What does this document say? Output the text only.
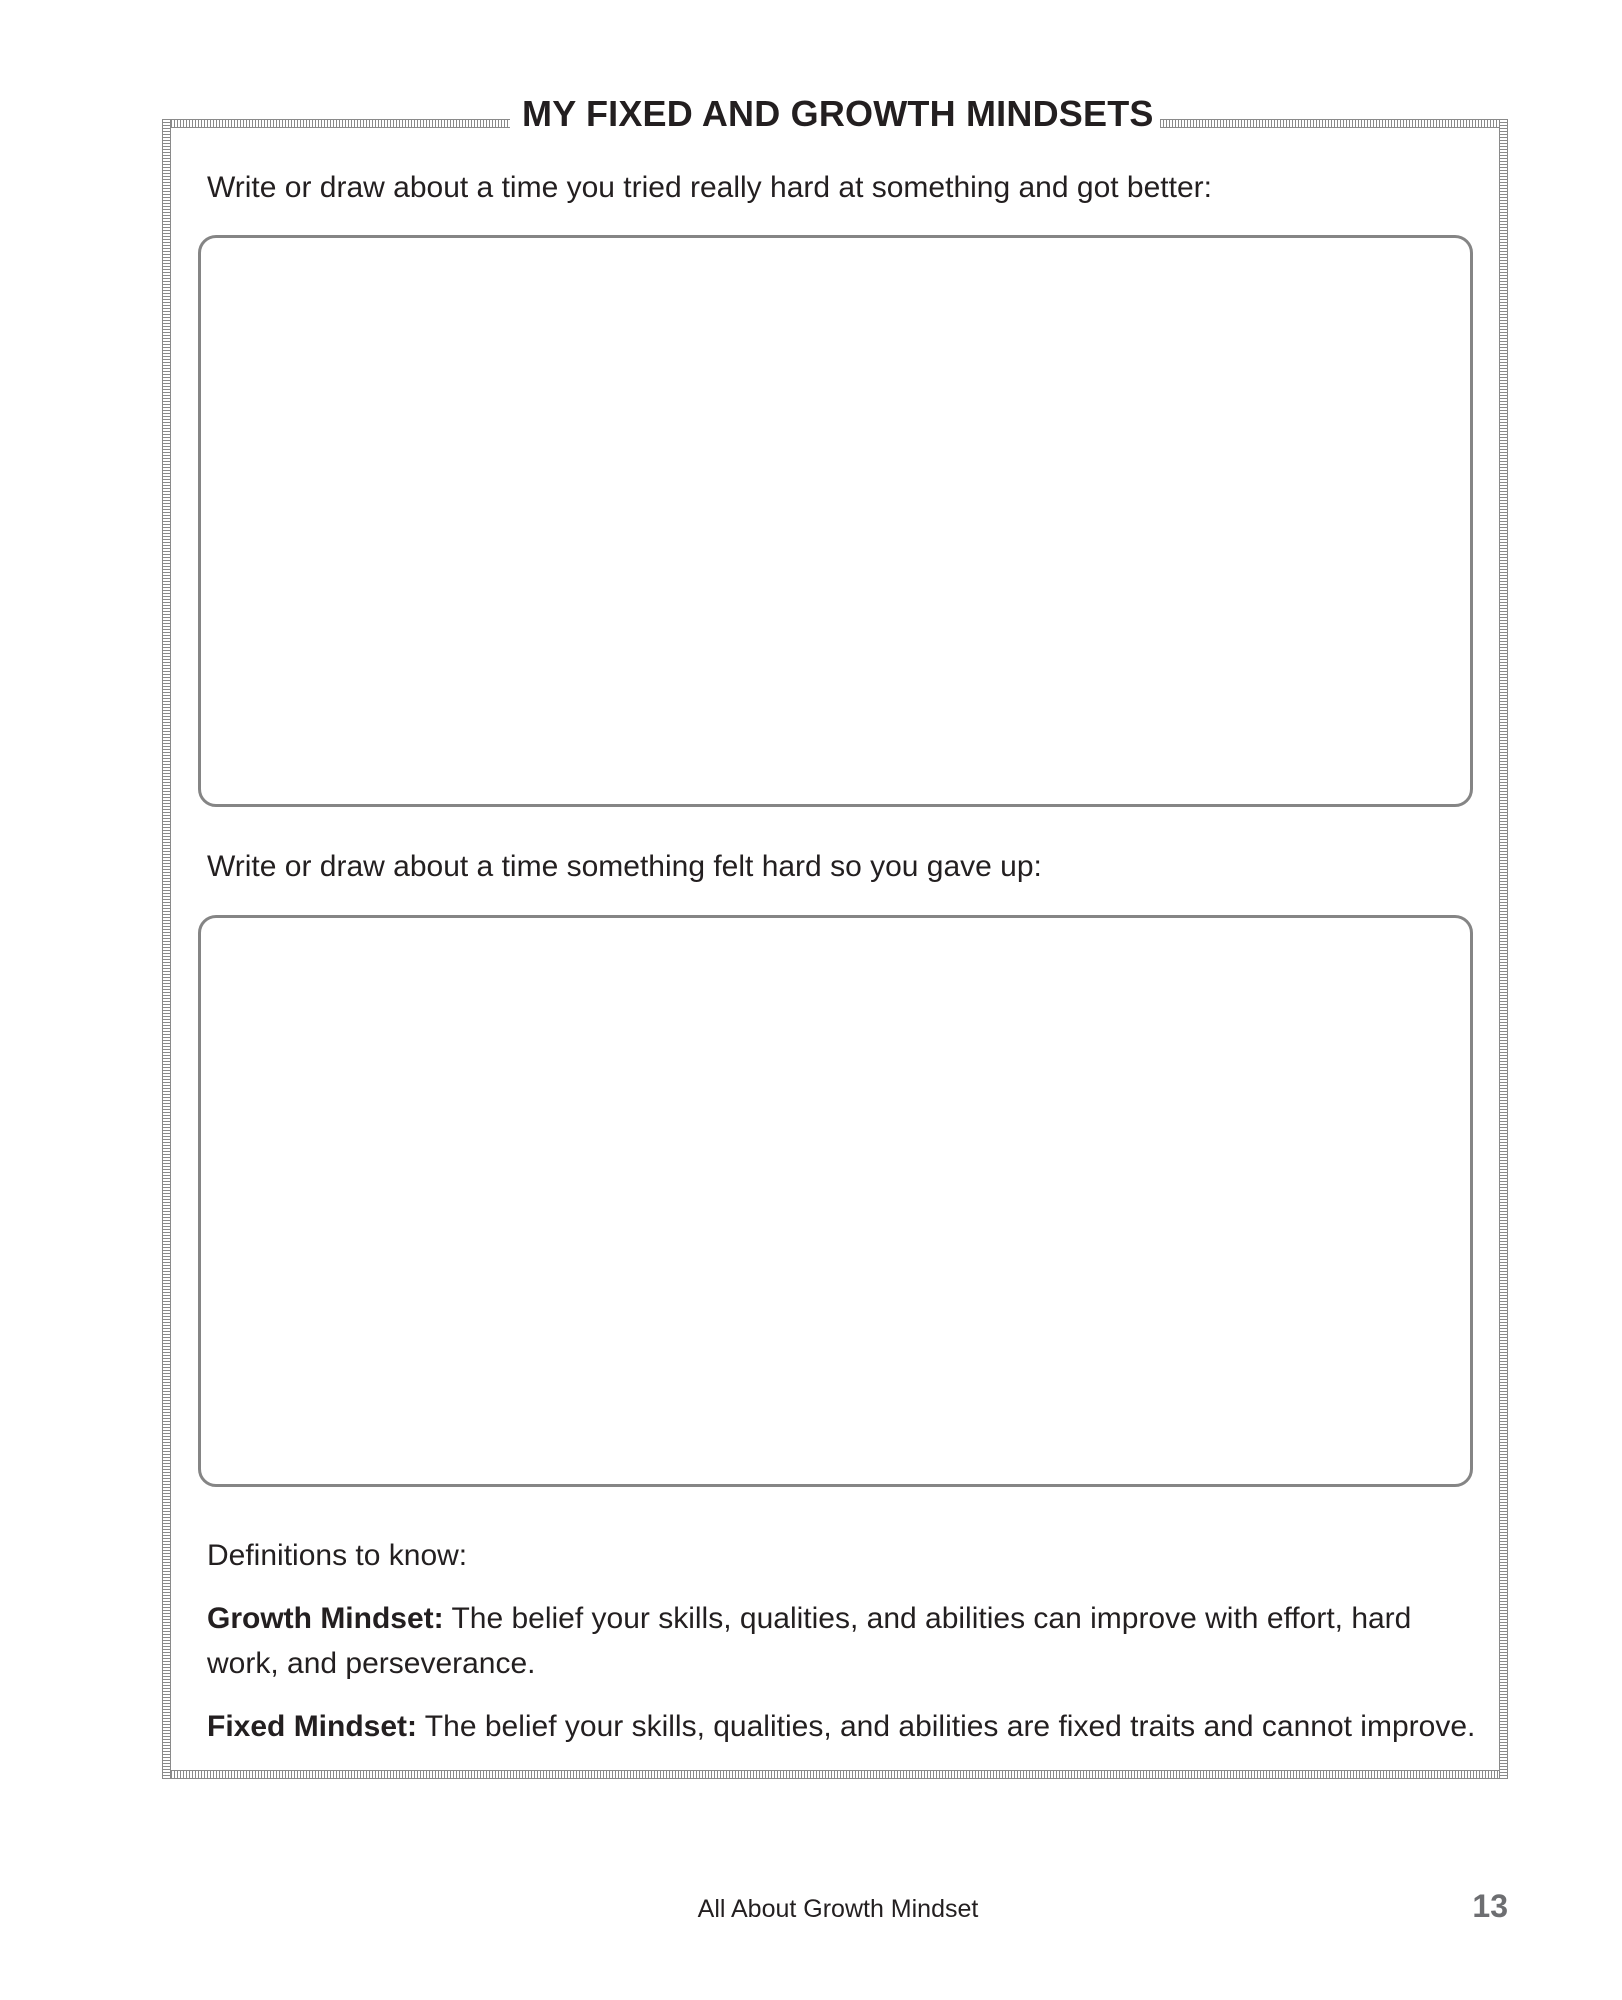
MY FIXED AND GROWTH MINDSETS
Write or draw about a time you tried really hard at something and got better:
Write or draw about a time something felt hard so you gave up:

Definitions to know:

Growth Mindset: The belief your skills, qualities, and abilities can improve with effort, hard work, and perseverance.

Fixed Mindset: The belief your skills, qualities, and abilities are fixed traits and cannot improve.

All About Growth Mindset	13
